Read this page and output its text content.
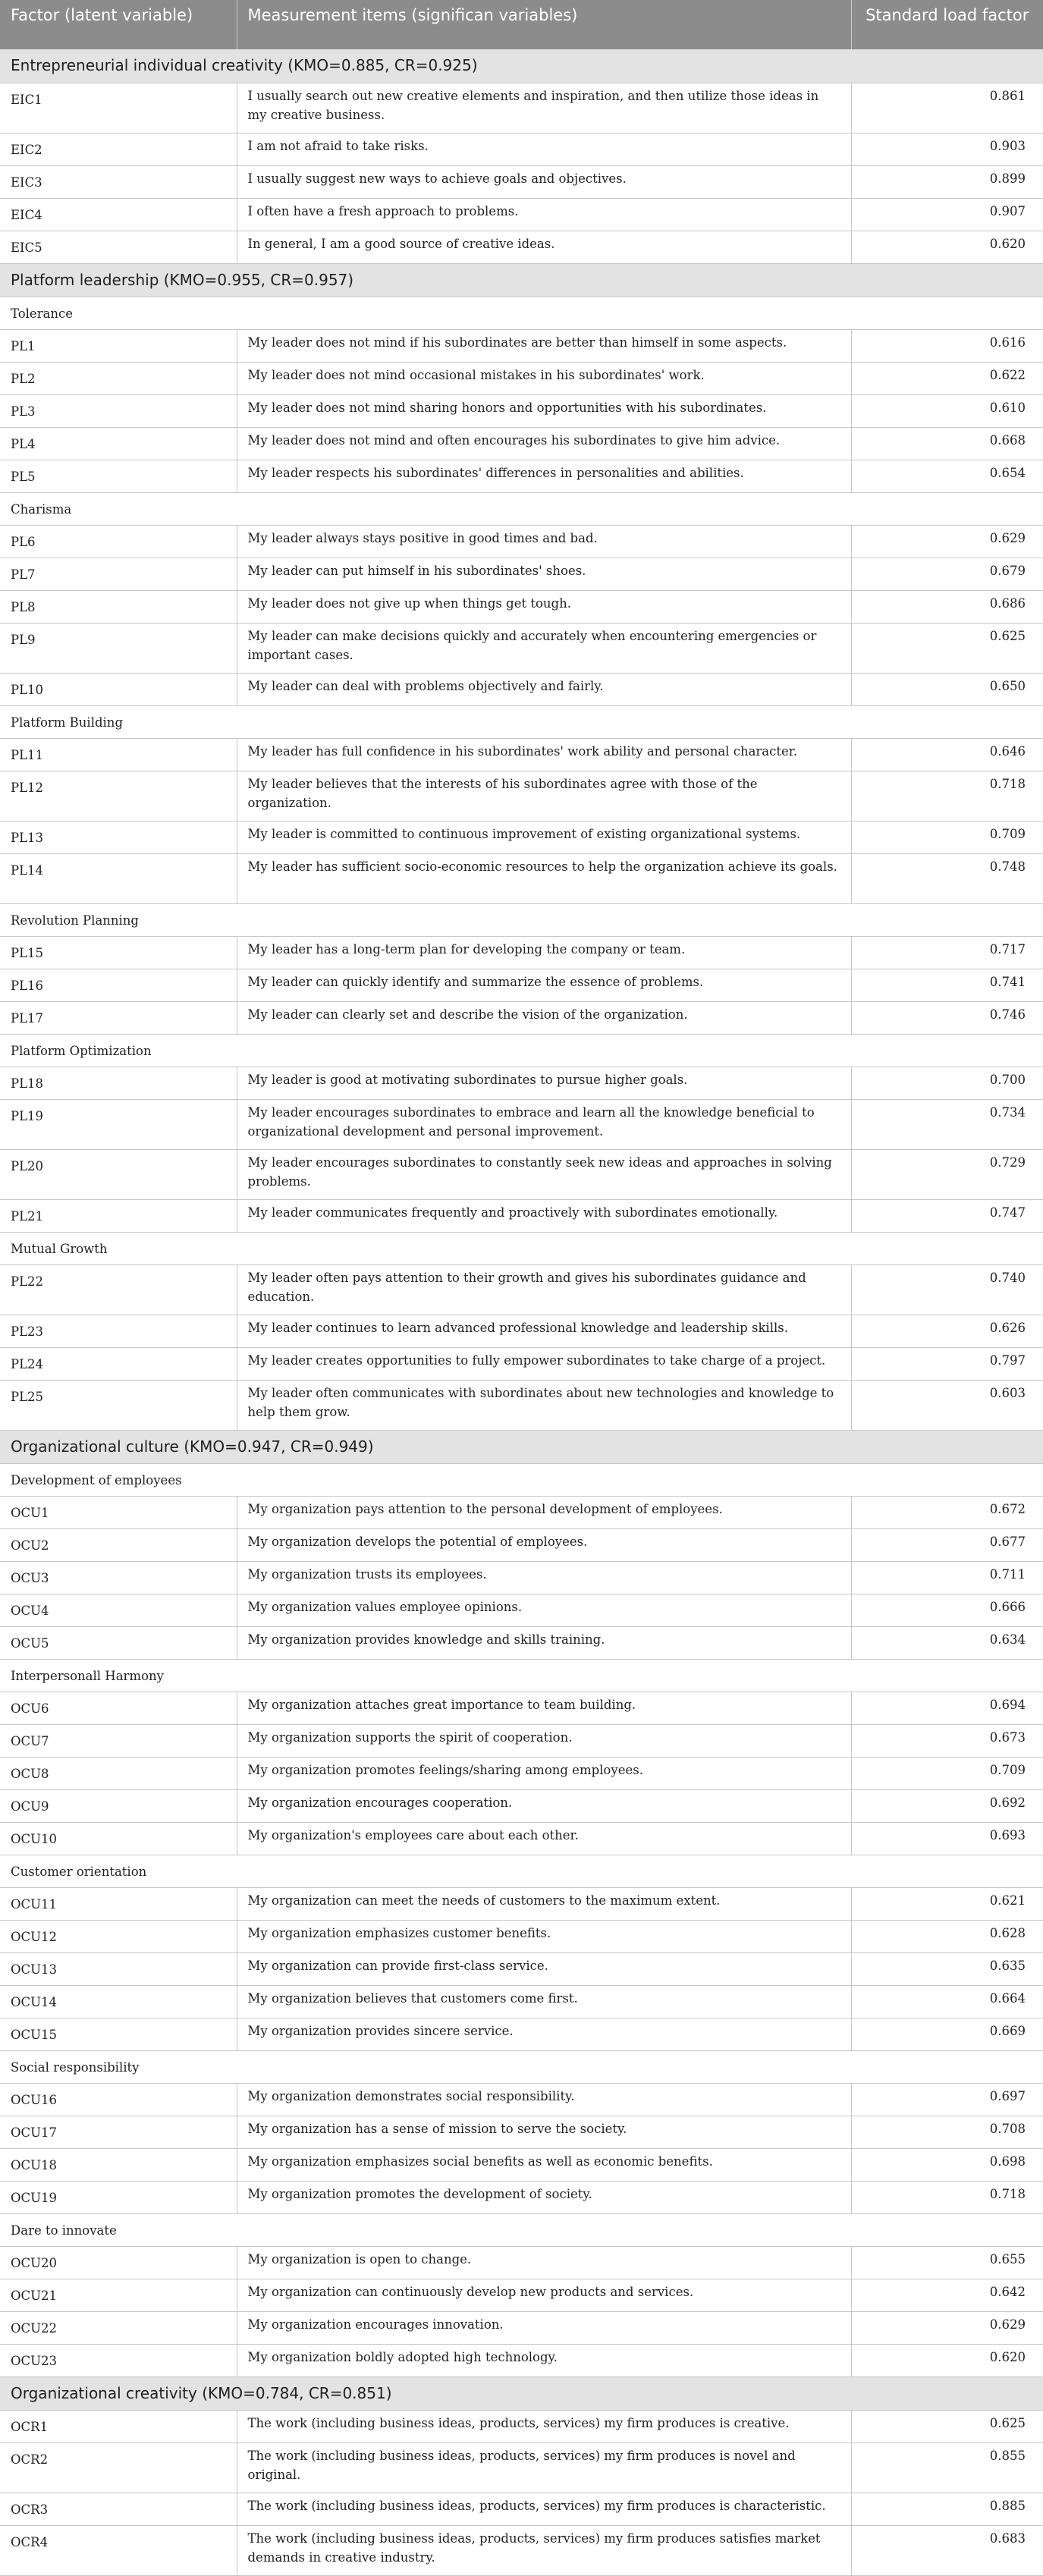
Factor (latent variable)	Measurement items (significan variables)	Standard load factor
Entrepreneurial individual creativity (KMO=0.885, CR=0.925)		
EIC1	I usually search out new creative elements and inspiration, and then utilize those ideas in my creative business.	0.861
EIC2	I am not afraid to take risks.	0.903
EIC3	I usually suggest new ways to achieve goals and objectives.	0.899
EIC4	I often have a fresh approach to problems.	0.907
EIC5	In general, I am a good source of creative ideas.	0.620
Platform leadership (KMO=0.955, CR=0.957)		
Tolerance		
PL1	My leader does not mind if his subordinates are better than himself in some aspects.	0.616
PL2	My leader does not mind occasional mistakes in his subordinates' work.	0.622
PL3	My leader does not mind sharing honors and opportunities with his subordinates.	0.610
PL4	My leader does not mind and often encourages his subordinates to give him advice.	0.668
PL5	My leader respects his subordinates' differences in personalities and abilities.	0.654
Charisma		
PL6	My leader always stays positive in good times and bad.	0.629
PL7	My leader can put himself in his subordinates' shoes.	0.679
PL8	My leader does not give up when things get tough.	0.686
PL9	My leader can make decisions quickly and accurately when encountering emergencies or important cases.	0.625
PL10	My leader can deal with problems objectively and fairly.	0.650
Platform Building		
PL11	My leader has full confidence in his subordinates' work ability and personal character.	0.646
PL12	My leader believes that the interests of his subordinates agree with those of the organization.	0.718
PL13	My leader is committed to continuous improvement of existing organizational systems.	0.709
PL14	My leader has sufficient socio-economic resources to help the organization achieve its goals.	0.748
Revolution Planning		
PL15	My leader has a long-term plan for developing the company or team.	0.717
PL16	My leader can quickly identify and summarize the essence of problems.	0.741
PL17	My leader can clearly set and describe the vision of the organization.	0.746
Platform Optimization		
PL18	My leader is good at motivating subordinates to pursue higher goals.	0.700
PL19	My leader encourages subordinates to embrace and learn all the knowledge beneficial to organizational development and personal improvement.	0.734
PL20	My leader encourages subordinates to constantly seek new ideas and approaches in solving problems.	0.729
PL21	My leader communicates frequently and proactively with subordinates emotionally.	0.747
Mutual Growth		
PL22	My leader often pays attention to their growth and gives his subordinates guidance and education.	0.740
PL23	My leader continues to learn advanced professional knowledge and leadership skills.	0.626
PL24	My leader creates opportunities to fully empower subordinates to take charge of a project.	0.797
PL25	My leader often communicates with subordinates about new technologies and knowledge to help them grow.	0.603
Organizational culture (KMO=0.947, CR=0.949)		
Development of employees		
OCU1	My organization pays attention to the personal development of employees.	0.672
OCU2	My organization develops the potential of employees.	0.677
OCU3	My organization trusts its employees.	0.711
OCU4	My organization values employee opinions.	0.666
OCU5	My organization provides knowledge and skills training.	0.634
Interpersonall Harmony		
OCU6	My organization attaches great importance to team building.	0.694
OCU7	My organization supports the spirit of cooperation.	0.673
OCU8	My organization promotes feelings/sharing among employees.	0.709
OCU9	My organization encourages cooperation.	0.692
OCU10	My organization's employees care about each other.	0.693
Customer orientation		
OCU11	My organization can meet the needs of customers to the maximum extent.	0.621
OCU12	My organization emphasizes customer benefits.	0.628
OCU13	My organization can provide first-class service.	0.635
OCU14	My organization believes that customers come first.	0.664
OCU15	My organization provides sincere service.	0.669
Social responsibility		
OCU16	My organization demonstrates social responsibility.	0.697
OCU17	My organization has a sense of mission to serve the society.	0.708
OCU18	My organization emphasizes social benefits as well as economic benefits.	0.698
OCU19	My organization promotes the development of society.	0.718
Dare to innovate		
OCU20	My organization is open to change.	0.655
OCU21	My organization can continuously develop new products and services.	0.642
OCU22	My organization encourages innovation.	0.629
OCU23	My organization boldly adopted high technology.	0.620
Organizational creativity (KMO=0.784, CR=0.851)		
OCR1	The work (including business ideas, products, services) my firm produces is creative.	0.625
OCR2	The work (including business ideas, products, services) my firm produces is novel and original.	0.855
OCR3	The work (including business ideas, products, services) my firm produces is characteristic.	0.885
OCR4	The work (including business ideas, products, services) my firm produces satisfies market demands in creative industry.	0.683
